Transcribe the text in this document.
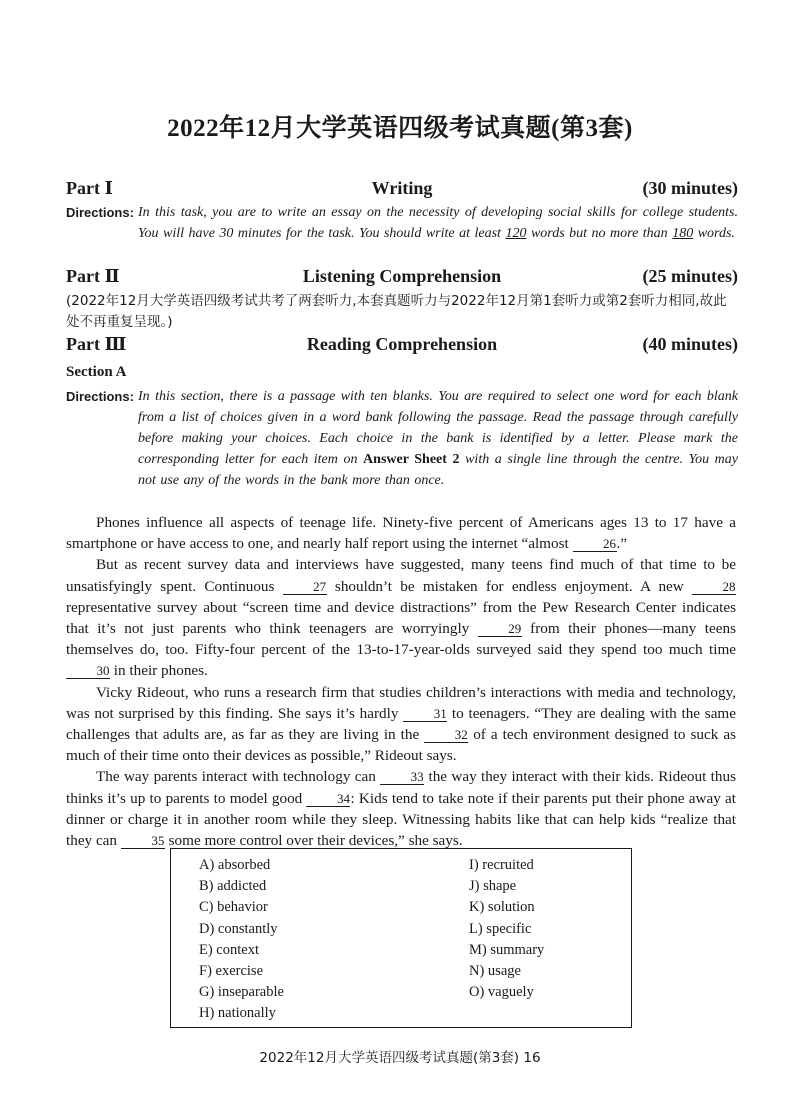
2022年12月大学英语四级考试真题(第3套)
Writing
Part Ⅰ	(30 minutes)
Directions: In this task, you are to write an essay on the necessity of developing social skills for college students. You will have 30 minutes for the task. You should write at least 120 words but no more than 180 words.
Listening Comprehension
Part Ⅱ	(25 minutes)
(2022年12月大学英语四级考试共考了两套听力,本套真题听力与2022年12月第1套听力或第2套听力相同,故此处不再重复呈现。)
Reading Comprehension
Part Ⅲ	(40 minutes)
Section A
Directions: In this section, there is a passage with ten blanks. You are required to select one word for each blank from a list of choices given in a word bank following the passage. Read the passage through carefully before making your choices. Each choice in the bank is identified by a letter. Please mark the corresponding letter for each item on Answer Sheet 2 with a single line through the centre. You may not use any of the words in the bank more than once.

Phones influence all aspects of teenage life. Ninety-five percent of Americans ages 13 to 17 have a smartphone or have access to one, and nearly half report using the internet “almost 26.”

But as recent survey data and interviews have suggested, many teens find much of that time to be unsatisfyingly spent. Continuous 27 shouldn’t be mistaken for endless enjoyment. A new 28 representative survey about “screen time and device distractions” from the Pew Research Center indicates that it’s not just parents who think teenagers are worryingly 29 from their phones—many teens themselves do, too. Fifty-four percent of the 13-to-17-year-olds surveyed said they spend too much time 30 in their phones.

Vicky Rideout, who runs a research firm that studies children’s interactions with media and technology, was not surprised by this finding. She says it’s hardly 31 to teenagers. “They are dealing with the same challenges that adults are, as far as they are living in the 32 of a tech environment designed to suck as much of their time onto their devices as possible,” Rideout says.

The way parents interact with technology can 33 the way they interact with their kids. Rideout thus thinks it’s up to parents to model good 34: Kids tend to take note if their parents put their phone away at dinner or charge it in another room while they sleep. Witnessing habits like that can help kids “realize that they can 35 some more control over their devices,” she says.

A) absorbed
B) addicted
C) behavior
D) constantly
E) context
F) exercise
G) inseparable
H) nationally
I) recruited
J) shape
K) solution
L) specific
M) summary
N) usage
O) vaguely
2022年12月大学英语四级考试真题(第3套) 16
